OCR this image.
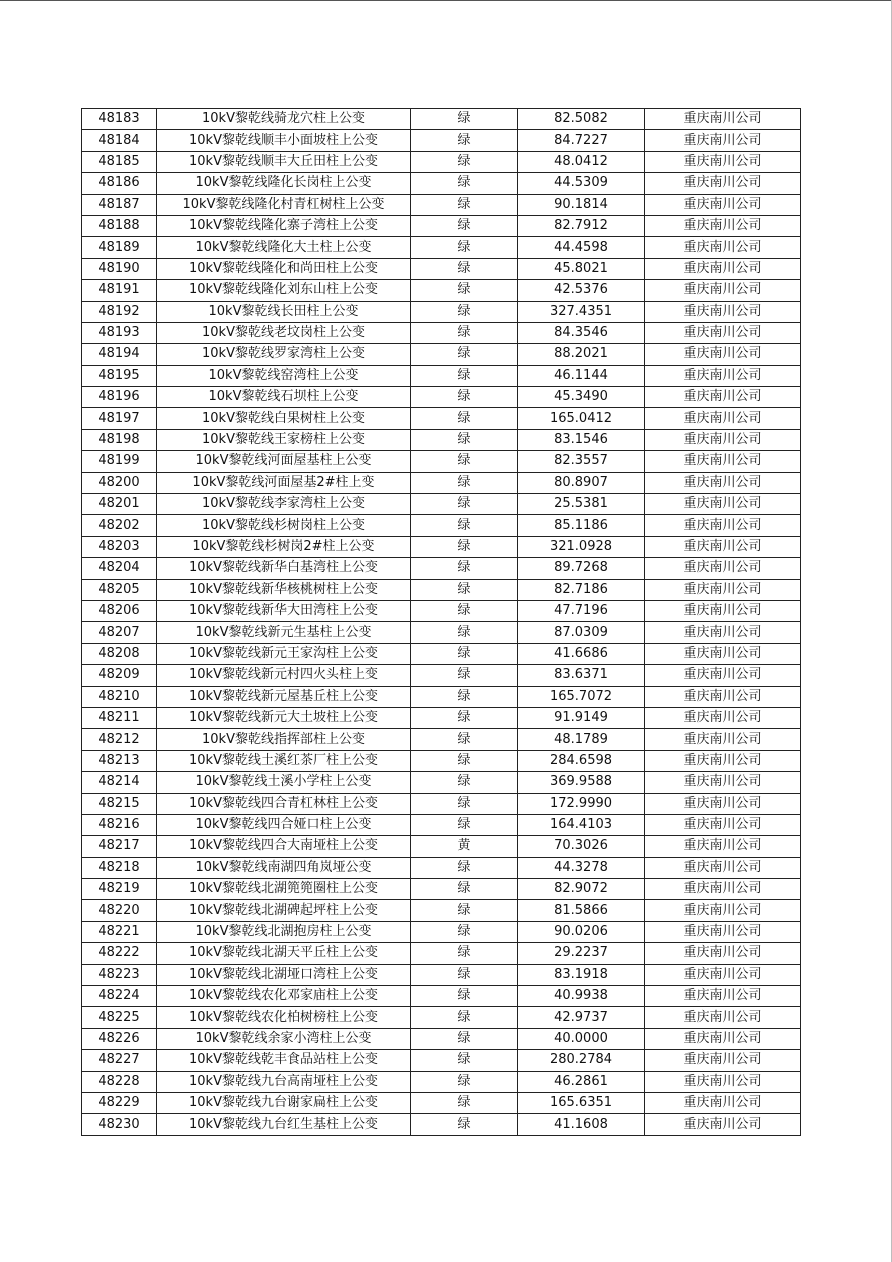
48183	10kV黎乾线骑龙穴柱上公变	绿	82.5082	重庆南川公司
48184	10kV黎乾线顺丰小面坡柱上公变	绿	84.7227	重庆南川公司
48185	10kV黎乾线顺丰大丘田柱上公变	绿	48.0412	重庆南川公司
48186	10kV黎乾线隆化长岗柱上公变	绿	44.5309	重庆南川公司
48187	10kV黎乾线隆化村青杠树柱上公变	绿	90.1814	重庆南川公司
48188	10kV黎乾线隆化寨子湾柱上公变	绿	82.7912	重庆南川公司
48189	10kV黎乾线隆化大土柱上公变	绿	44.4598	重庆南川公司
48190	10kV黎乾线隆化和尚田柱上公变	绿	45.8021	重庆南川公司
48191	10kV黎乾线隆化刘东山柱上公变	绿	42.5376	重庆南川公司
48192	10kV黎乾线长田柱上公变	绿	327.4351	重庆南川公司
48193	10kV黎乾线老坟岗柱上公变	绿	84.3546	重庆南川公司
48194	10kV黎乾线罗家湾柱上公变	绿	88.2021	重庆南川公司
48195	10kV黎乾线窑湾柱上公变	绿	46.1144	重庆南川公司
48196	10kV黎乾线石坝柱上公变	绿	45.3490	重庆南川公司
48197	10kV黎乾线白果树柱上公变	绿	165.0412	重庆南川公司
48198	10kV黎乾线王家榜柱上公变	绿	83.1546	重庆南川公司
48199	10kV黎乾线河面屋基柱上公变	绿	82.3557	重庆南川公司
48200	10kV黎乾线河面屋基2#柱上变	绿	80.8907	重庆南川公司
48201	10kV黎乾线李家湾柱上公变	绿	25.5381	重庆南川公司
48202	10kV黎乾线杉树岗柱上公变	绿	85.1186	重庆南川公司
48203	10kV黎乾线杉树岗2#柱上公变	绿	321.0928	重庆南川公司
48204	10kV黎乾线新华白基湾柱上公变	绿	89.7268	重庆南川公司
48205	10kV黎乾线新华核桃树柱上公变	绿	82.7186	重庆南川公司
48206	10kV黎乾线新华大田湾柱上公变	绿	47.7196	重庆南川公司
48207	10kV黎乾线新元生基柱上公变	绿	87.0309	重庆南川公司
48208	10kV黎乾线新元王家沟柱上公变	绿	41.6686	重庆南川公司
48209	10kV黎乾线新元村四火头柱上变	绿	83.6371	重庆南川公司
48210	10kV黎乾线新元屋基丘柱上公变	绿	165.7072	重庆南川公司
48211	10kV黎乾线新元大土坡柱上公变	绿	91.9149	重庆南川公司
48212	10kV黎乾线指挥部柱上公变	绿	48.1789	重庆南川公司
48213	10kV黎乾线土溪红茶厂柱上公变	绿	284.6598	重庆南川公司
48214	10kV黎乾线土溪小学柱上公变	绿	369.9588	重庆南川公司
48215	10kV黎乾线四合青杠林柱上公变	绿	172.9990	重庆南川公司
48216	10kV黎乾线四合娅口柱上公变	绿	164.4103	重庆南川公司
48217	10kV黎乾线四合大南垭柱上公变	黄	70.3026	重庆南川公司
48218	10kV黎乾线南湖四角岚垭公变	绿	44.3278	重庆南川公司
48219	10kV黎乾线北湖篼篼圈柱上公变	绿	82.9072	重庆南川公司
48220	10kV黎乾线北湖碑起坪柱上公变	绿	81.5866	重庆南川公司
48221	10kV黎乾线北湖抱房柱上公变	绿	90.0206	重庆南川公司
48222	10kV黎乾线北湖天平丘柱上公变	绿	29.2237	重庆南川公司
48223	10kV黎乾线北湖垭口湾柱上公变	绿	83.1918	重庆南川公司
48224	10kV黎乾线农化邓家庙柱上公变	绿	40.9938	重庆南川公司
48225	10kV黎乾线农化柏树榜柱上公变	绿	42.9737	重庆南川公司
48226	10kV黎乾线余家小湾柱上公变	绿	40.0000	重庆南川公司
48227	10kV黎乾线乾丰食品站柱上公变	绿	280.2784	重庆南川公司
48228	10kV黎乾线九台高南垭柱上公变	绿	46.2861	重庆南川公司
48229	10kV黎乾线九台谢家扁柱上公变	绿	165.6351	重庆南川公司
48230	10kV黎乾线九台红生基柱上公变	绿	41.1608	重庆南川公司
